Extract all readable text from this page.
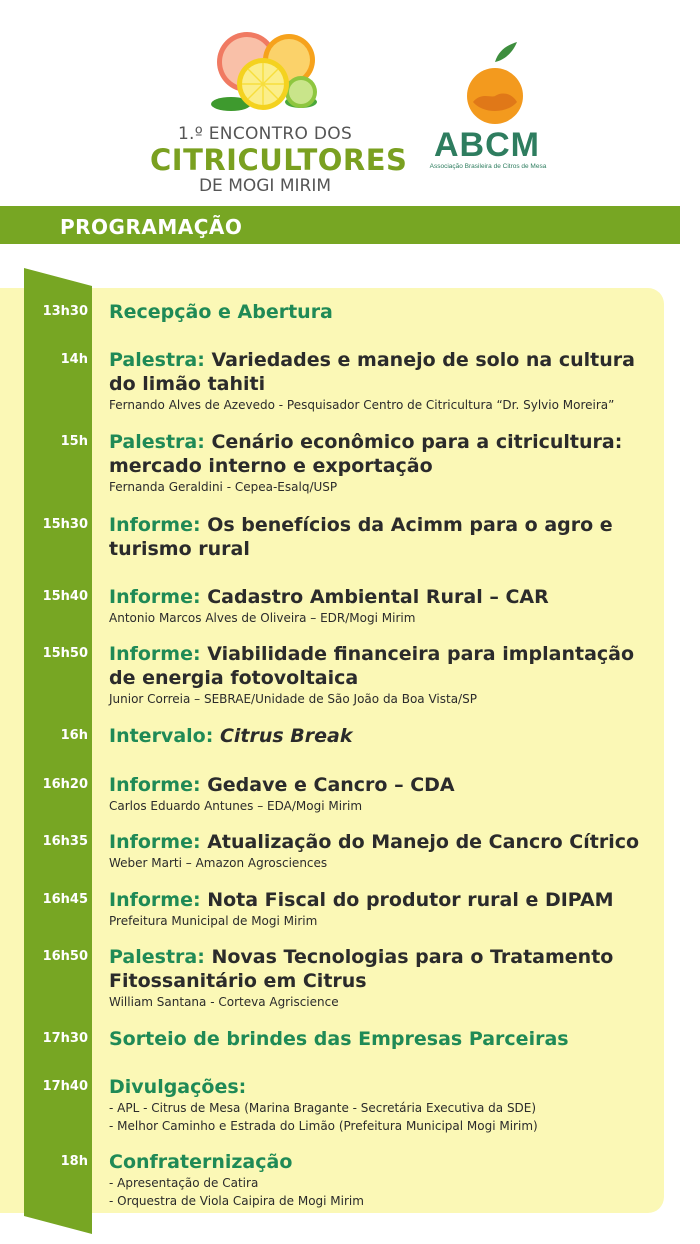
1.º ENCONTRO DOS
CITRICULTORES
DE MOGI MIRIM
ABCM
Associação Brasileira de Citros de Mesa
PROGRAMAÇÃO
13h30 Recepção e Abertura
14h Palestra: Variedades e manejo de solo na cultura
do limão tahiti
Fernando Alves de Azevedo - Pesquisador Centro de Citricultura “Dr. Sylvio Moreira”
15h Palestra: Cenário econômico para a citricultura:
mercado interno e exportação
Fernanda Geraldini - Cepea-Esalq/USP
15h30 Informe: Os benefícios da Acimm para o agro e
turismo rural
15h40 Informe: Cadastro Ambiental Rural – CAR
Antonio Marcos Alves de Oliveira – EDR/Mogi Mirim
15h50 Informe: Viabilidade financeira para implantação
de energia fotovoltaica
Junior Correia – SEBRAE/Unidade de São João da Boa Vista/SP
16h Intervalo: Citrus Break
16h20 Informe: Gedave e Cancro – CDA
Carlos Eduardo Antunes – EDA/Mogi Mirim
16h35 Informe: Atualização do Manejo de Cancro Cítrico
Weber Marti – Amazon Agrosciences
16h45 Informe: Nota Fiscal do produtor rural e DIPAM
Prefeitura Municipal de Mogi Mirim
16h50 Palestra: Novas Tecnologias para o Tratamento
Fitossanitário em Citrus
William Santana - Corteva Agriscience
17h30 Sorteio de brindes das Empresas Parceiras
17h40 Divulgações:
- APL - Citrus de Mesa (Marina Bragante - Secretária Executiva da SDE)
- Melhor Caminho e Estrada do Limão (Prefeitura Municipal Mogi Mirim)
18h Confraternização
- Apresentação de Catira
- Orquestra de Viola Caipira de Mogi Mirim
